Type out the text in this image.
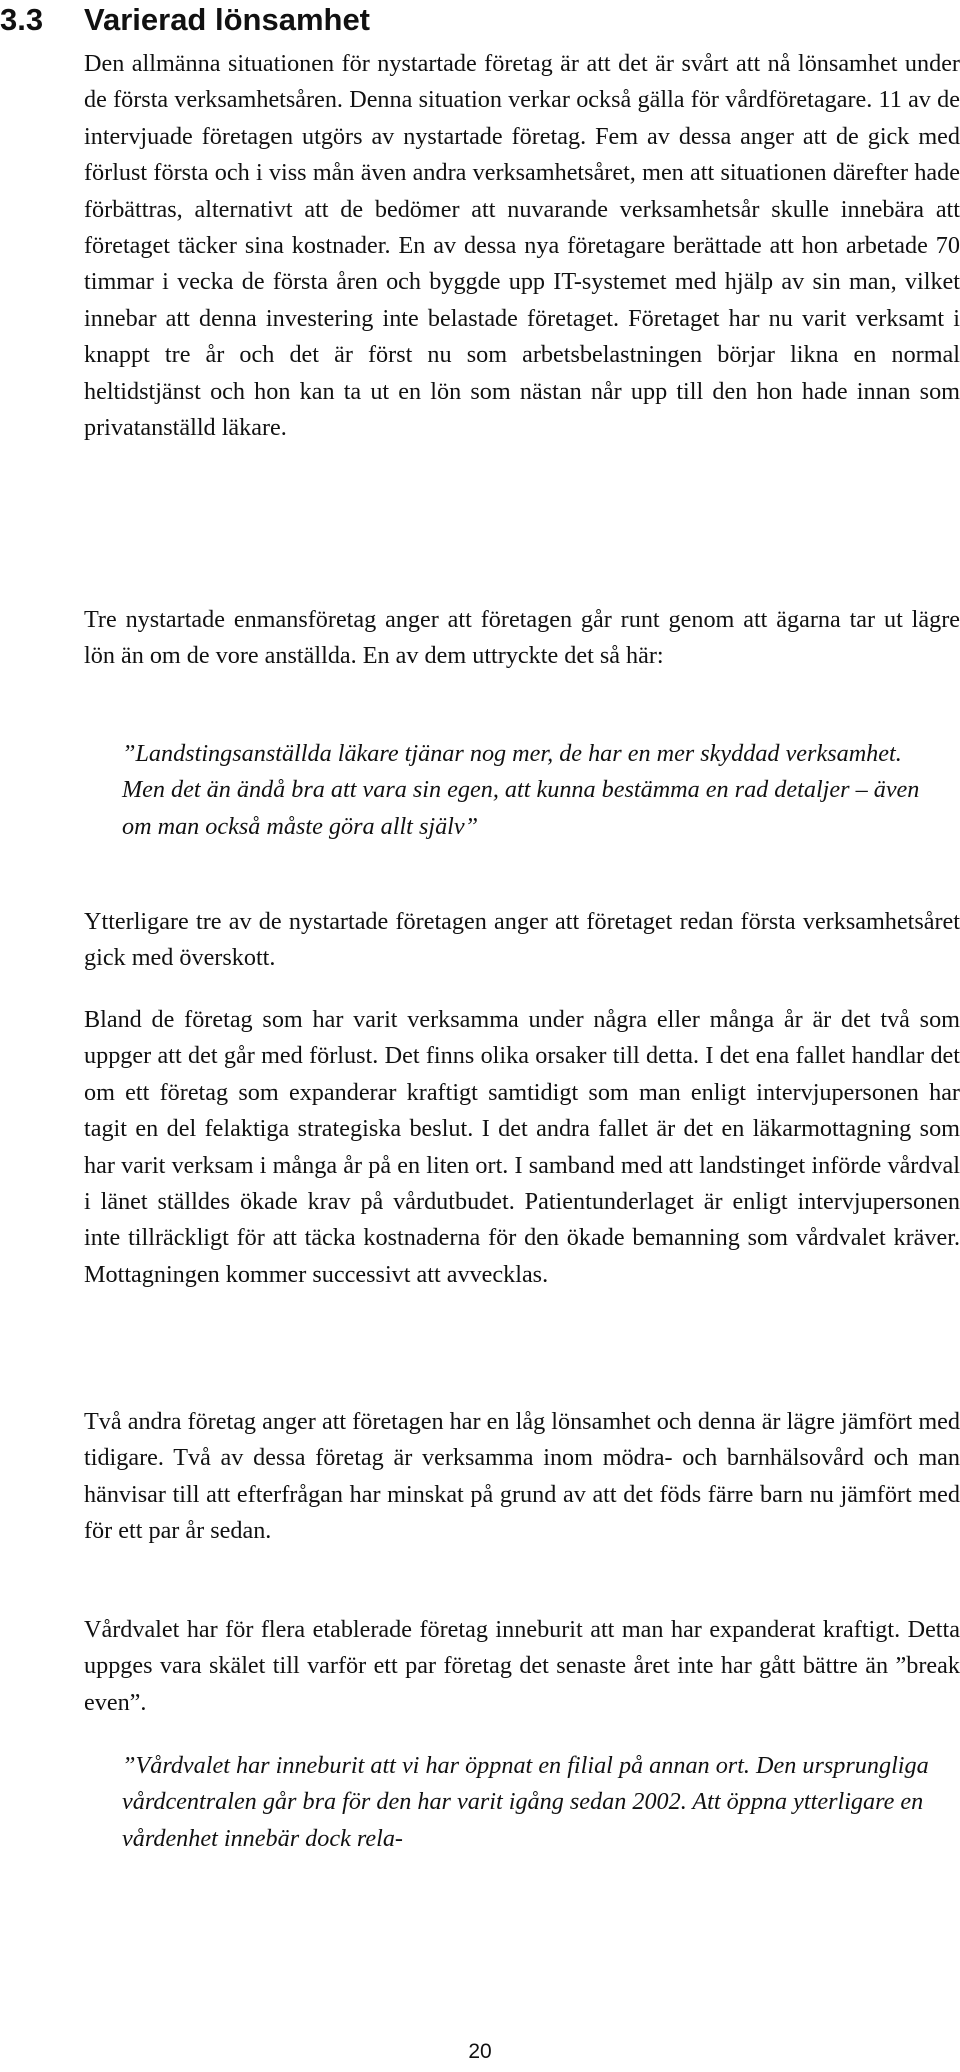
3.3 Varierad lönsamhet

Den allmänna situationen för nystartade företag är att det är svårt att nå lönsamhet under de första verksamhetsåren. Denna situation verkar också gälla för vårdföretagare. 11 av de intervjuade företagen utgörs av nystartade företag. Fem av dessa anger att de gick med förlust första och i viss mån även andra verksamhetsåret, men att situationen därefter hade förbättras, alternativt att de bedömer att nuvarande verksamhetsår skulle innebära att företaget täcker sina kostnader. En av dessa nya företagare berättade att hon arbetade 70 timmar i vecka de första åren och byggde upp IT-systemet med hjälp av sin man, vilket innebar att denna investering inte belastade företaget. Företaget har nu varit verksamt i knappt tre år och det är först nu som arbetsbelastningen börjar likna en normal heltidstjänst och hon kan ta ut en lön som nästan når upp till den hon hade innan som privatanställd läkare.

Tre nystartade enmansföretag anger att företagen går runt genom att ägarna tar ut lägre lön än om de vore anställda. En av dem uttryckte det så här:

”Landstingsanställda läkare tjänar nog mer, de har en mer skyddad verksamhet. Men det än ändå bra att vara sin egen, att kunna bestämma en rad detaljer – även om man också måste göra allt själv”

Ytterligare tre av de nystartade företagen anger att företaget redan första verksamhetsåret gick med överskott.

Bland de företag som har varit verksamma under några eller många år är det två som uppger att det går med förlust. Det finns olika orsaker till detta. I det ena fallet handlar det om ett företag som expanderar kraftigt samtidigt som man enligt intervjupersonen har tagit en del felaktiga strategiska beslut. I det andra fallet är det en läkarmottagning som har varit verksam i många år på en liten ort. I samband med att landstinget införde vårdval i länet ställdes ökade krav på vårdutbudet. Patientunderlaget är enligt intervjupersonen inte tillräckligt för att täcka kostnaderna för den ökade bemanning som vårdvalet kräver. Mottagningen kommer successivt att avvecklas.

Två andra företag anger att företagen har en låg lönsamhet och denna är lägre jämfört med tidigare. Två av dessa företag är verksamma inom mödra- och barnhälsovård och man hänvisar till att efterfrågan har minskat på grund av att det föds färre barn nu jämfört med för ett par år sedan.

Vårdvalet har för flera etablerade företag inneburit att man har expanderat kraftigt. Detta uppges vara skälet till varför ett par företag det senaste året inte har gått bättre än ”break even”.

”Vårdvalet har inneburit att vi har öppnat en filial på annan ort. Den ursprungliga vårdcentralen går bra för den har varit igång sedan 2002. Att öppna ytterligare en vårdenhet innebär dock rela-

20
